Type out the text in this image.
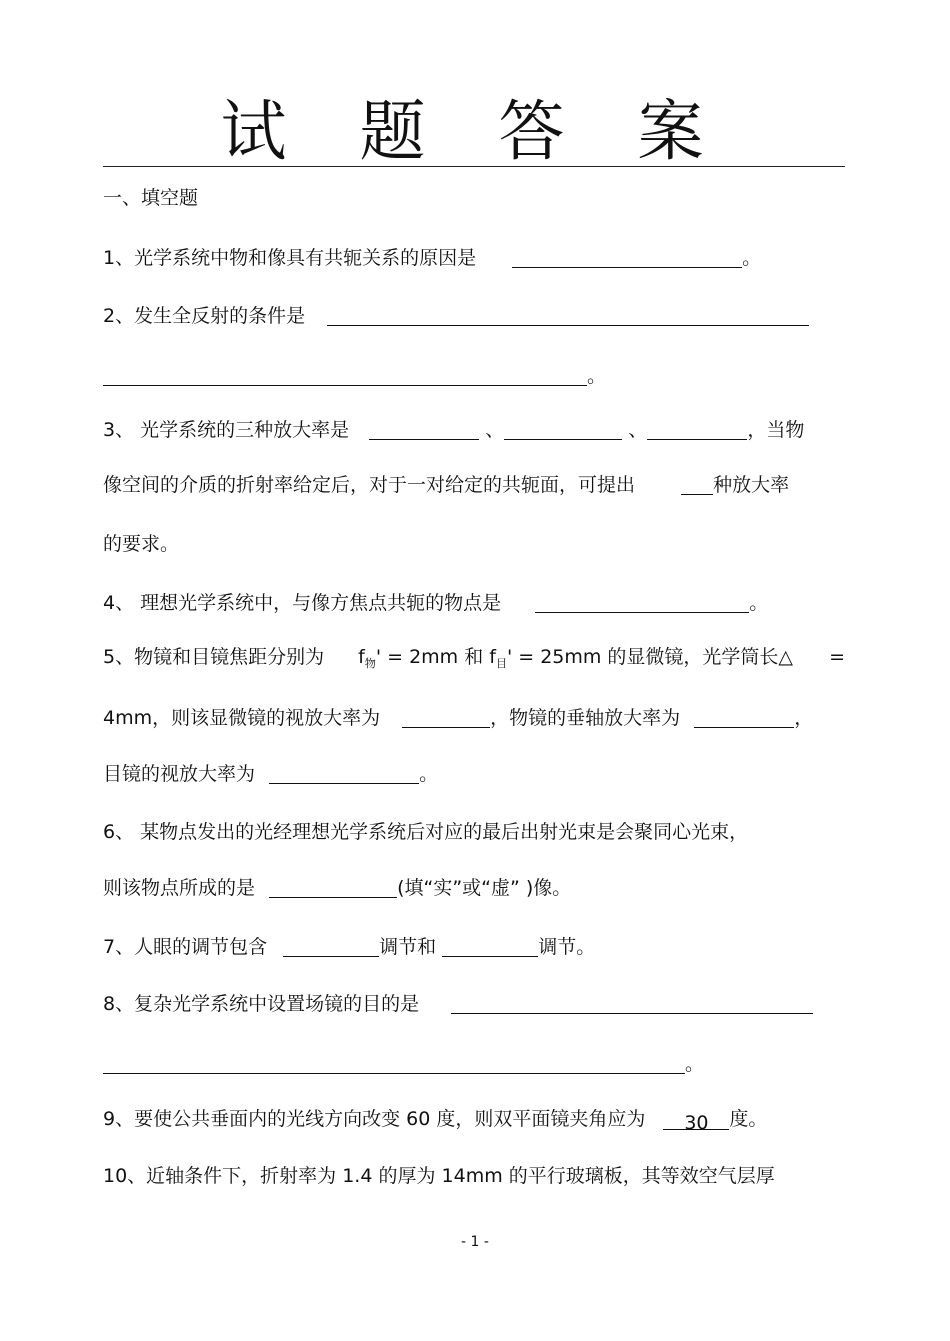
试 题 答 案
一、填空题
1、光学系统中物和像具有共轭关系的原因是	。
2、发生全反射的条件是
。
3、 光学系统的三种放大率是	、	、	，当物
像空间的介质的折射率给定后，对于一对给定的共轭面，可提出	种放大率
的要求。
4、 理想光学系统中，与像方焦点共轭的物点是	。
5、物镜和目镜焦距分别为 $f_物' = 2mm$ 和 $f_目' = 25mm$ 的显微镜，光学筒长△ =
4mm，则该显微镜的视放大率为	，物镜的垂轴放大率为	，
目镜的视放大率为	。
6、 某物点发出的光经理想光学系统后对应的最后出射光束是会聚同心光束，
则该物点所成的是	(填“实”或“虚” )像。
7、人眼的调节包含	调节和	调节。
8、复杂光学系统中设置场镜的目的是
。
9、要使公共垂面内的光线方向改变 60 度，则双平面镜夹角应为 30 度。
10、近轴条件下，折射率为 1.4 的厚为 14mm 的平行玻璃板，其等效空气层厚
- 1 -
